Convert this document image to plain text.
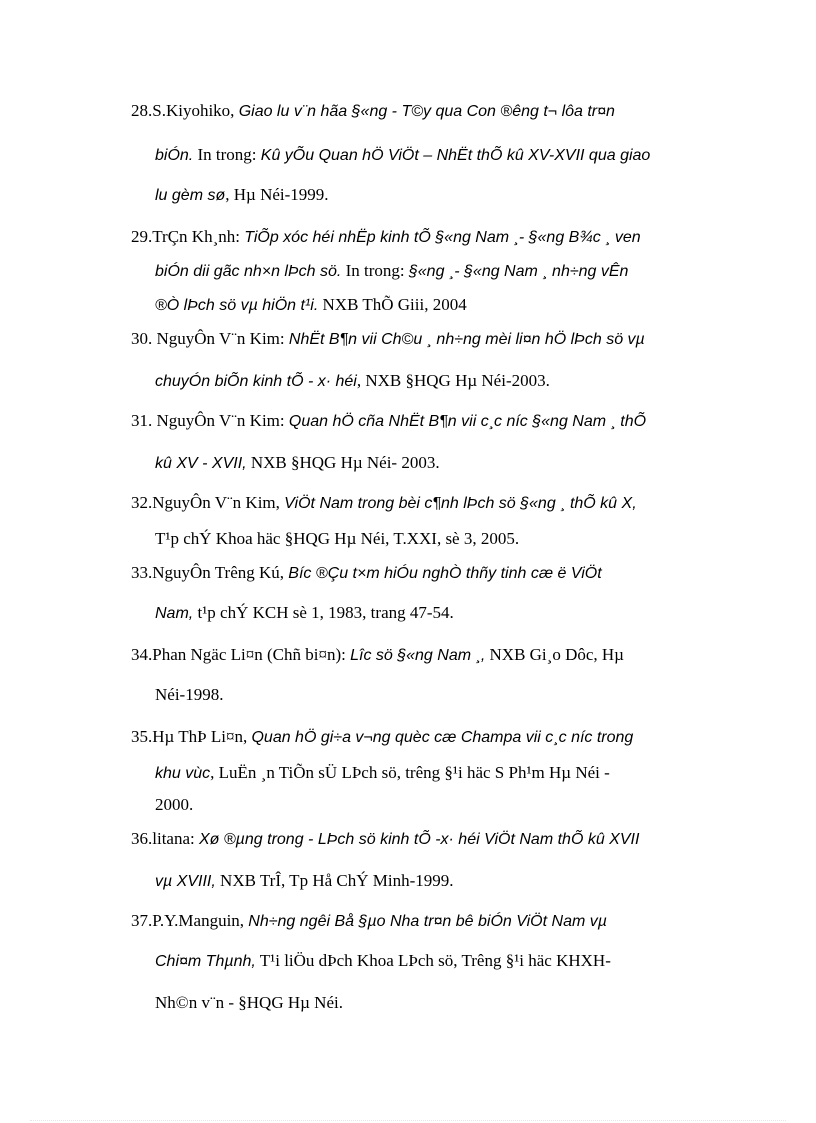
28.S.Kiyohiko, Giao lu v¨n hãa §«ng - T©y qua Con ®êng t¬ lôa tr¤n
biÓn. In trong: Kû yÕu Quan hÖ ViÖt – NhËt thÕ kû XV-XVII qua giao
lu gèm sø, Hµ Néi-1999.
29.TrÇn Kh¸nh: TiÕp xóc héi nhËp kinh tÕ §«ng Nam ¸- §«ng B¾c ¸ ven
biÓn dii gãc nh×n lÞch sö. In trong: §«ng ¸- §«ng Nam ¸ nh÷ng vÊn
®Ò lÞch sö vµ hiÖn t¹i. NXB ThÕ Giii, 2004
30. NguyÔn V¨n Kim: NhËt B¶n vii Ch©u ¸ nh÷ng mèi li¤n hÖ lÞch sö vµ
chuyÓn biÕn kinh tÕ - x· héi, NXB §HQG Hµ Néi-2003.
31. NguyÔn V¨n Kim: Quan hÖ cña NhËt B¶n vii c¸c níc §«ng Nam ¸ thÕ
kû XV - XVII, NXB §HQG Hµ Néi- 2003.
32.NguyÔn V¨n Kim, ViÖt Nam trong bèi c¶nh lÞch sö §«ng ¸ thÕ kû X,
T¹p chÝ Khoa häc §HQG Hµ Néi, T.XXI, sè 3, 2005.
33.NguyÔn Trêng Kú, Bíc ®Çu t×m hiÓu nghÒ thñy tinh cæ ë ViÖt
Nam, t¹p chÝ KCH sè 1, 1983, trang 47-54.
34.Phan Ngäc Li¤n (Chñ bi¤n): Lîc sö §«ng Nam ¸, NXB Gi¸o Dôc, Hµ
Néi-1998.
35.Hµ ThÞ Li¤n, Quan hÖ gi÷a v¬ng quèc cæ Champa vii c¸c níc trong
khu vùc, LuËn ¸n TiÕn sÜ LÞch sö, trêng §¹i häc S Ph¹m Hµ Néi -
2000.
36.litana: Xø ®µng trong - LÞch sö kinh tÕ -x· héi ViÖt Nam thÕ kû XVII
vµ XVIII, NXB TrÎ, Tp Hå ChÝ Minh-1999.
37.P.Y.Manguin, Nh÷ng ngêi Bå §µo Nha tr¤n bê biÓn ViÖt Nam vµ
Chi¤m Thµnh, T¹i liÖu dÞch Khoa LÞch sö, Trêng §¹i häc KHXH-
Nh©n v¨n - §HQG Hµ Néi.
